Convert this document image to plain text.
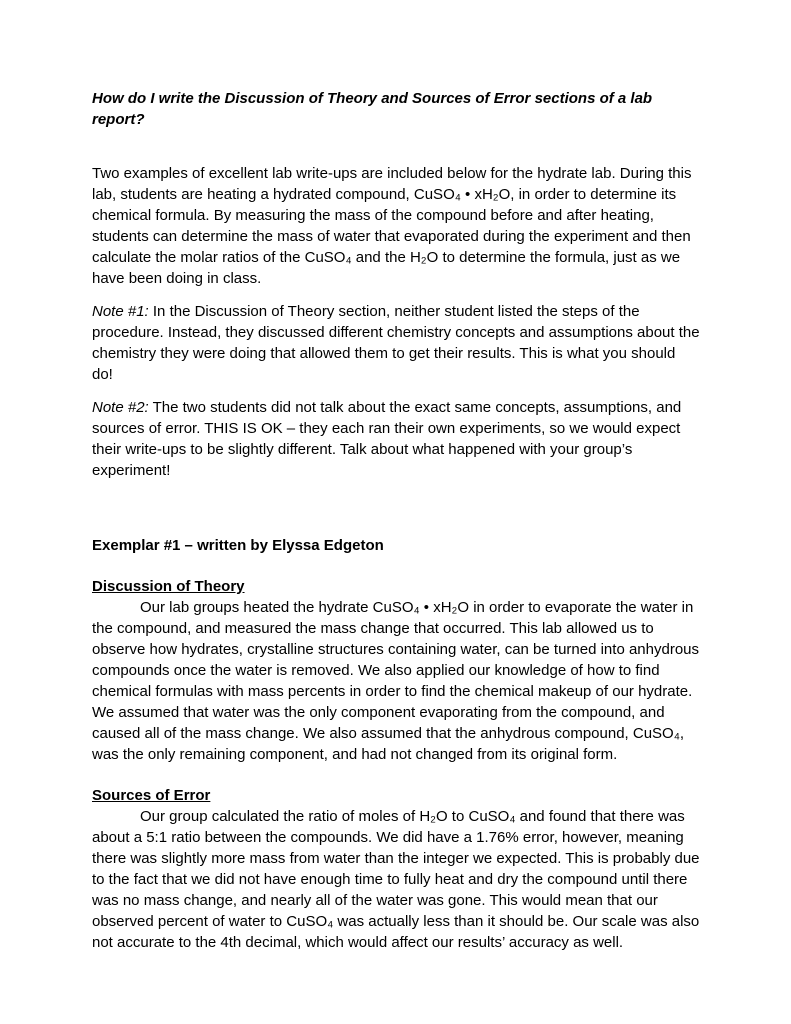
How do I write the Discussion of Theory and Sources of Error sections of a lab report?

Two examples of excellent lab write-ups are included below for the hydrate lab. During this lab, students are heating a hydrated compound, CuSO₄ • xH₂O, in order to determine its chemical formula. By measuring the mass of the compound before and after heating, students can determine the mass of water that evaporated during the experiment and then calculate the molar ratios of the CuSO₄ and the H₂O to determine the formula, just as we have been doing in class.

Note #1: In the Discussion of Theory section, neither student listed the steps of the procedure. Instead, they discussed different chemistry concepts and assumptions about the chemistry they were doing that allowed them to get their results. This is what you should do!

Note #2: The two students did not talk about the exact same concepts, assumptions, and sources of error. THIS IS OK – they each ran their own experiments, so we would expect their write-ups to be slightly different. Talk about what happened with your group’s experiment!

Exemplar #1 – written by Elyssa Edgeton

Discussion of Theory

Our lab groups heated the hydrate CuSO₄ • xH₂O in order to evaporate the water in the compound, and measured the mass change that occurred. This lab allowed us to observe how hydrates, crystalline structures containing water, can be turned into anhydrous compounds once the water is removed. We also applied our knowledge of how to find chemical formulas with mass percents in order to find the chemical makeup of our hydrate. We assumed that water was the only component evaporating from the compound, and caused all of the mass change. We also assumed that the anhydrous compound, CuSO₄, was the only remaining component, and had not changed from its original form.

Sources of Error

Our group calculated the ratio of moles of H₂O to CuSO₄ and found that there was about a 5:1 ratio between the compounds. We did have a 1.76% error, however, meaning there was slightly more mass from water than the integer we expected. This is probably due to the fact that we did not have enough time to fully heat and dry the compound until there was no mass change, and nearly all of the water was gone. This would mean that our observed percent of water to CuSO₄ was actually less than it should be. Our scale was also not accurate to the 4th decimal, which would affect our results’ accuracy as well.
